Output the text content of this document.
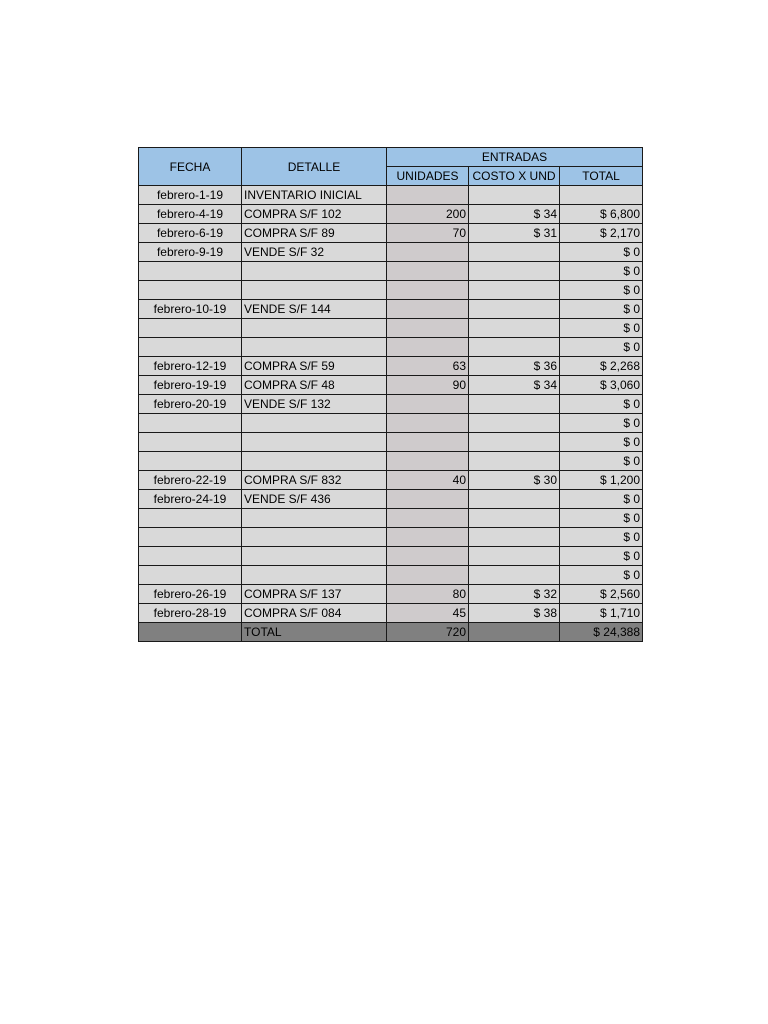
FECHA	DETALLE	ENTRADAS		
		UNIDADES	COSTO X UND	TOTAL
febrero-1-19	INVENTARIO INICIAL			
febrero-4-19	COMPRA S/F 102	200	$ 34	$ 6,800
febrero-6-19	COMPRA S/F 89	70	$ 31	$ 2,170
febrero-9-19	VENDE S/F 32			$ 0
				$ 0
				$ 0
febrero-10-19	VENDE S/F 144			$ 0
				$ 0
				$ 0
febrero-12-19	COMPRA S/F 59	63	$ 36	$ 2,268
febrero-19-19	COMPRA S/F 48	90	$ 34	$ 3,060
febrero-20-19	VENDE S/F 132			$ 0
				$ 0
				$ 0
				$ 0
febrero-22-19	COMPRA S/F 832	40	$ 30	$ 1,200
febrero-24-19	VENDE S/F 436			$ 0
				$ 0
				$ 0
				$ 0
				$ 0
febrero-26-19	COMPRA S/F 137	80	$ 32	$ 2,560
febrero-28-19	COMPRA S/F 084	45	$ 38	$ 1,710
	TOTAL	720		$ 24,388
